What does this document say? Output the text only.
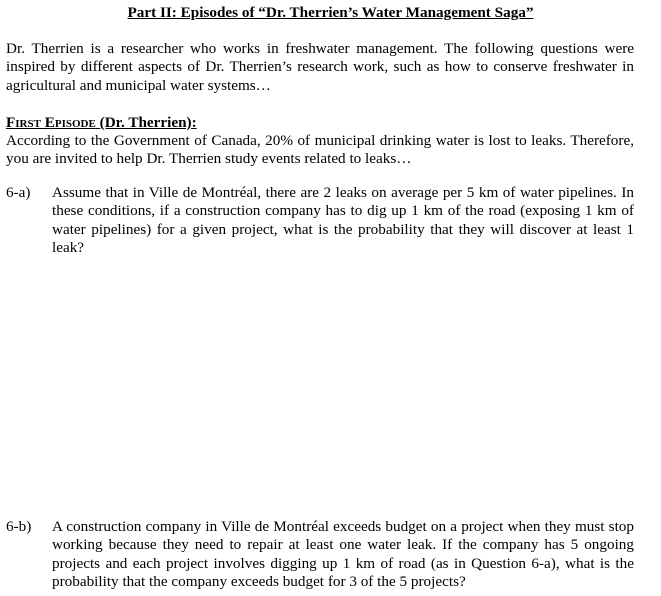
Part II: Episodes of “Dr. Therrien’s Water Management Saga”

Dr. Therrien is a researcher who works in freshwater management. The following questions were inspired by different aspects of Dr. Therrien’s research work, such as how to conserve freshwater in agricultural and municipal water systems…

First Episode (Dr. Therrien):

According to the Government of Canada, 20% of municipal drinking water is lost to leaks. Therefore, you are invited to help Dr. Therrien study events related to leaks…

6-a) Assume that in Ville de Montréal, there are 2 leaks on average per 5 km of water pipelines. In these conditions, if a construction company has to dig up 1 km of the road (exposing 1 km of water pipelines) for a given project, what is the probability that they will discover at least 1 leak?

6-b) A construction company in Ville de Montréal exceeds budget on a project when they must stop working because they need to repair at least one water leak. If the company has 5 ongoing projects and each project involves digging up 1 km of road (as in Question 6-a), what is the probability that the company exceeds budget for 3 of the 5 projects?
